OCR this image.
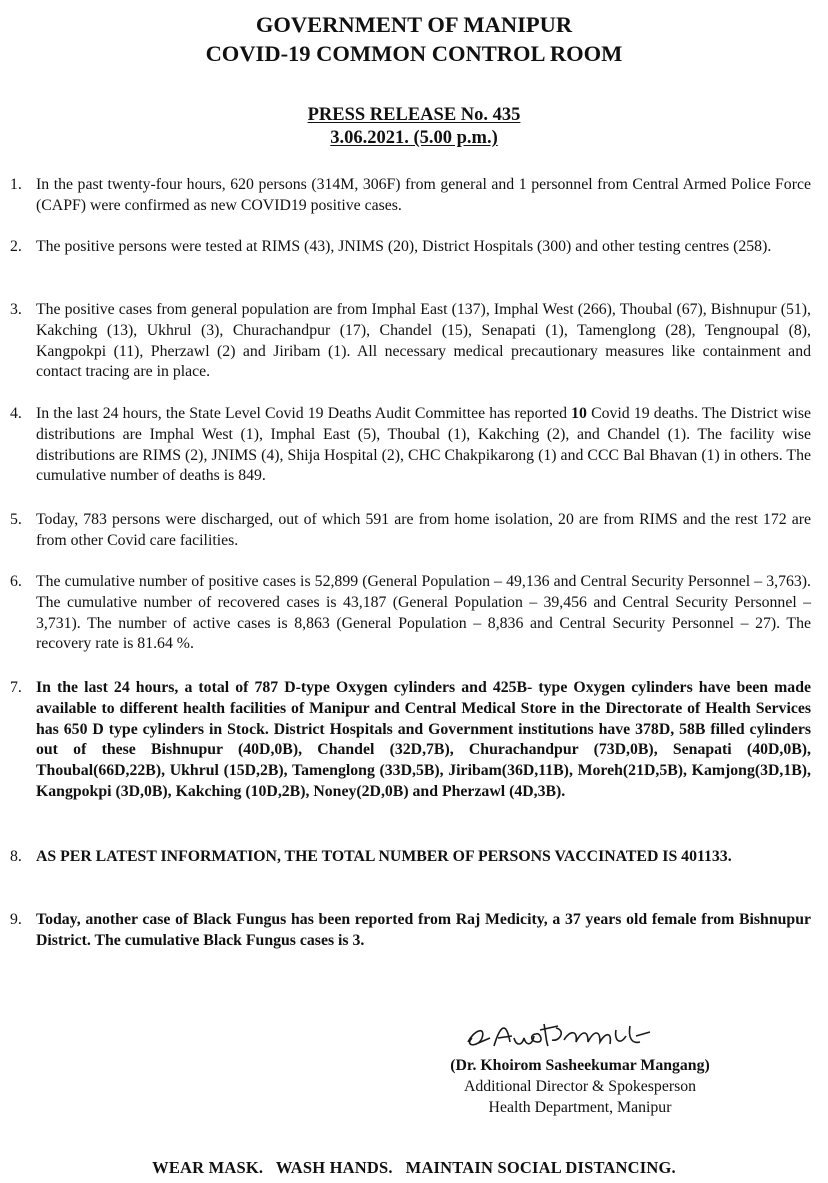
GOVERNMENT OF MANIPUR
COVID-19 COMMON CONTROL ROOM
PRESS RELEASE No. 435
3.06.2021. (5.00 p.m.)
1. In the past twenty-four hours, 620 persons (314M, 306F) from general and 1 personnel from Central Armed Police Force (CAPF) were confirmed as new COVID19 positive cases.
2. The positive persons were tested at RIMS (43), JNIMS (20), District Hospitals (300) and other testing centres (258).
3. The positive cases from general population are from Imphal East (137), Imphal West (266), Thoubal (67), Bishnupur (51), Kakching (13), Ukhrul (3), Churachandpur (17), Chandel (15), Senapati (1), Tamenglong (28), Tengnoupal (8), Kangpokpi (11), Pherzawl (2) and Jiribam (1). All necessary medical precautionary measures like containment and contact tracing are in place.
4. In the last 24 hours, the State Level Covid 19 Deaths Audit Committee has reported 10 Covid 19 deaths. The District wise distributions are Imphal West (1), Imphal East (5), Thoubal (1), Kakching (2), and Chandel (1). The facility wise distributions are RIMS (2), JNIMS (4), Shija Hospital (2), CHC Chakpikarong (1) and CCC Bal Bhavan (1) in others. The cumulative number of deaths is 849.
5. Today, 783 persons were discharged, out of which 591 are from home isolation, 20 are from RIMS and the rest 172 are from other Covid care facilities.
6. The cumulative number of positive cases is 52,899 (General Population – 49,136 and Central Security Personnel – 3,763). The cumulative number of recovered cases is 43,187 (General Population – 39,456 and Central Security Personnel – 3,731). The number of active cases is 8,863 (General Population – 8,836 and Central Security Personnel – 27). The recovery rate is 81.64 %.
7. In the last 24 hours, a total of 787 D-type Oxygen cylinders and 425B- type Oxygen cylinders have been made available to different health facilities of Manipur and Central Medical Store in the Directorate of Health Services has 650 D type cylinders in Stock. District Hospitals and Government institutions have 378D, 58B filled cylinders out of these Bishnupur (40D,0B), Chandel (32D,7B), Churachandpur (73D,0B), Senapati (40D,0B), Thoubal(66D,22B), Ukhrul (15D,2B), Tamenglong (33D,5B), Jiribam(36D,11B), Moreh(21D,5B), Kamjong(3D,1B), Kangpokpi (3D,0B), Kakching (10D,2B), Noney(2D,0B) and Pherzawl (4D,3B).
8. AS PER LATEST INFORMATION, THE TOTAL NUMBER OF PERSONS VACCINATED IS 401133.
9. Today, another case of Black Fungus has been reported from Raj Medicity, a 37 years old female from Bishnupur District. The cumulative Black Fungus cases is 3.
(Dr. Khoirom Sasheekumar Mangang)
Additional Director & Spokesperson
Health Department, Manipur
WEAR MASK.   WASH HANDS.   MAINTAIN SOCIAL DISTANCING.
